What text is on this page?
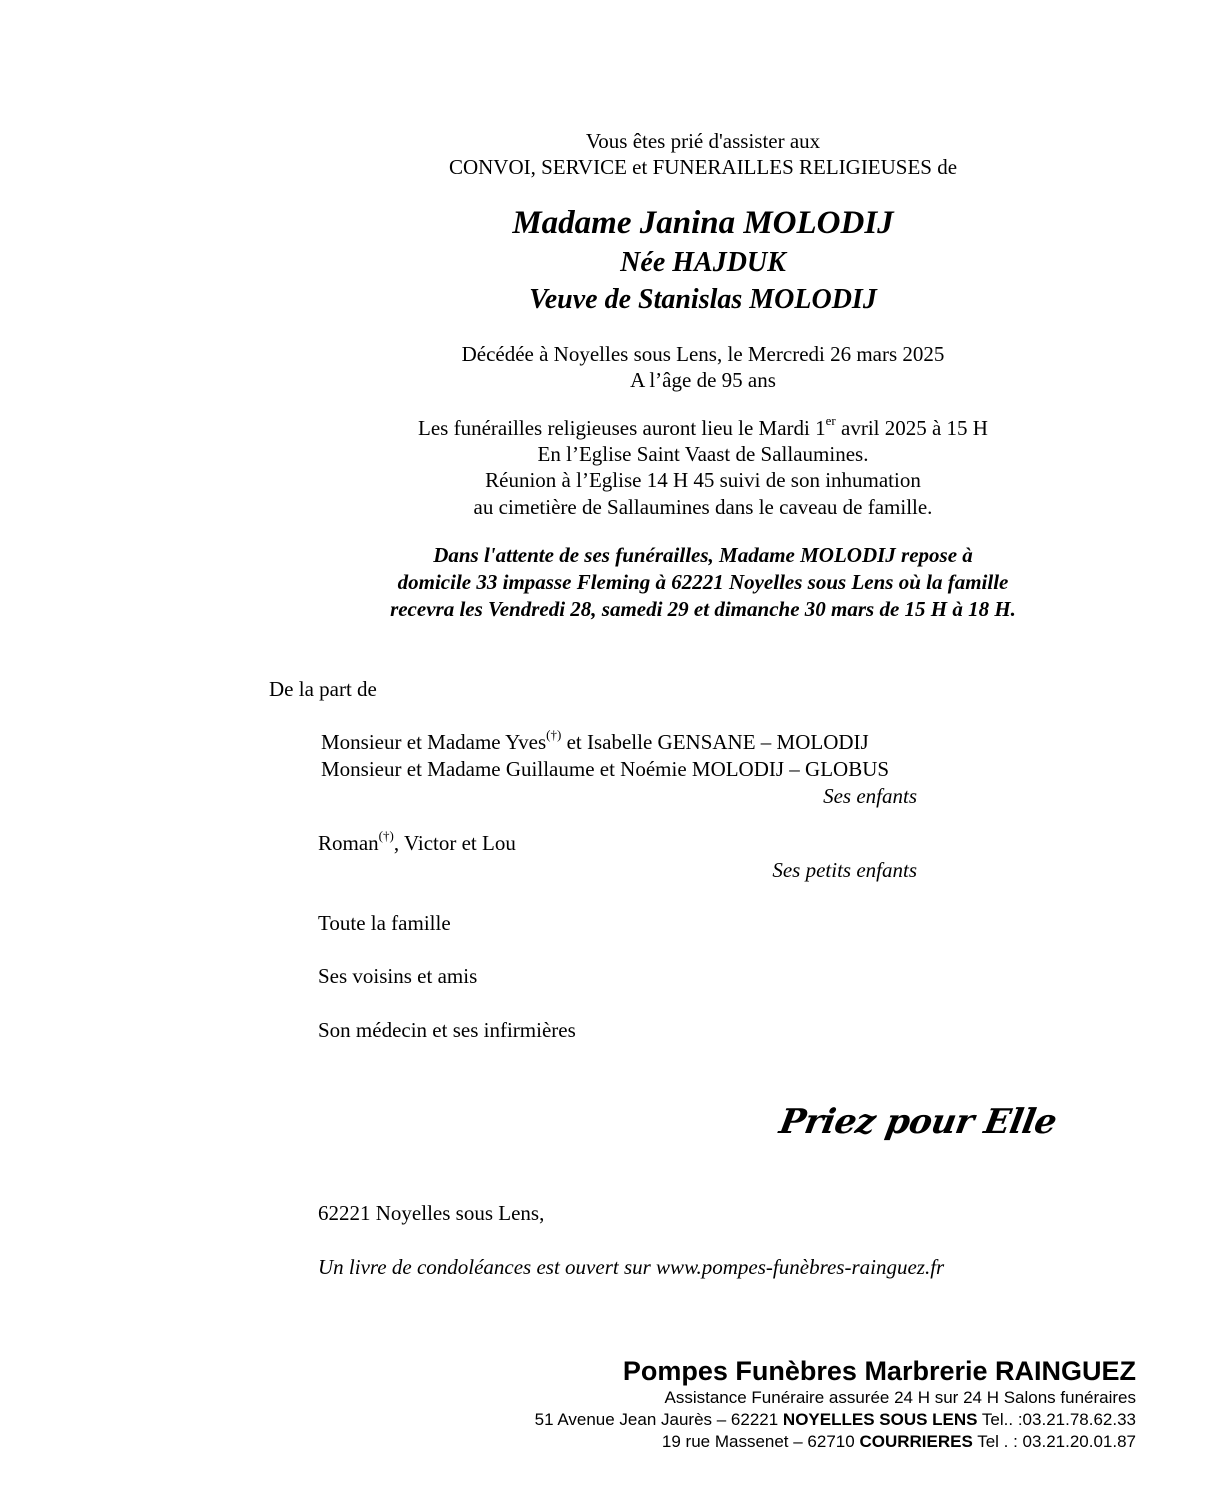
Vous êtes prié d'assister aux
CONVOI, SERVICE et FUNERAILLES RELIGIEUSES de
Madame Janina MOLODIJ
Née HAJDUK
Veuve de Stanislas MOLODIJ
Décédée à Noyelles sous Lens, le Mercredi 26 mars 2025
A l’âge de 95 ans
Les funérailles religieuses auront lieu le Mardi 1er avril 2025 à 15 H
En l’Eglise Saint Vaast de Sallaumines.
Réunion à l’Eglise 14 H 45 suivi de son inhumation
au cimetière de Sallaumines dans le caveau de famille.
Dans l'attente de ses funérailles, Madame MOLODIJ repose à
domicile 33 impasse Fleming à 62221 Noyelles sous Lens où la famille
recevra les Vendredi 28, samedi 29 et dimanche 30 mars de 15 H à 18 H.
De la part de
Monsieur et Madame Yves(†) et Isabelle GENSANE – MOLODIJ
Monsieur et Madame Guillaume et Noémie MOLODIJ – GLOBUS
Ses enfants
Roman(†), Victor et Lou
Ses petits enfants
Toute la famille
Ses voisins et amis
Son médecin et ses infirmières
Priez pour Elle
62221 Noyelles sous Lens,
Un livre de condoléances est ouvert sur www.pompes-funèbres-rainguez.fr
Pompes Funèbres Marbrerie RAINGUEZ
Assistance Funéraire assurée 24 H sur 24 H Salons funéraires
51 Avenue Jean Jaurès – 62221 NOYELLES SOUS LENS Tel.. :03.21.78.62.33
19 rue Massenet – 62710 COURRIERES Tel . : 03.21.20.01.87
